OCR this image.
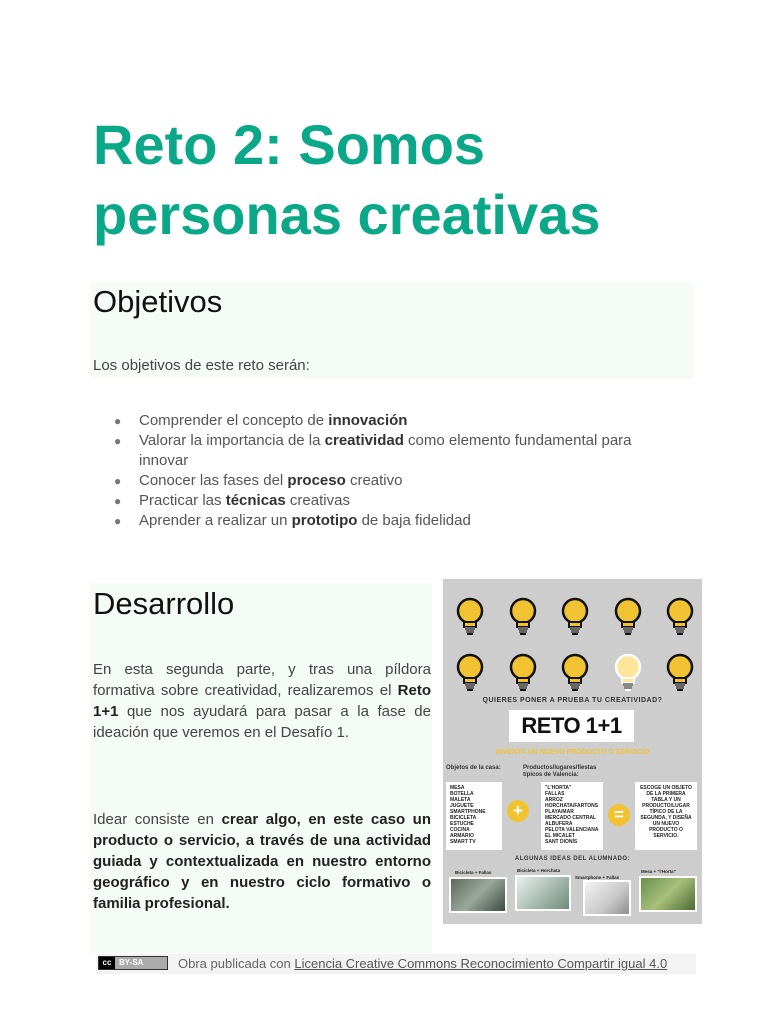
Reto 2: Somos personas creativas
Objetivos

Los objetivos de este reto serán:

● Comprender el concepto de innovación
● Valorar la importancia de la creatividad como elemento fundamental para innovar
● Conocer las fases del proceso creativo
● Practicar las técnicas creativas
● Aprender a realizar un prototipo de baja fidelidad
Desarrollo

En esta segunda parte, y tras una píldora formativa sobre creatividad, realizaremos el Reto 1+1 que nos ayudará para pasar a la fase de ideación que veremos en el Desafío 1.

Idear consiste en crear algo, en este caso un producto o servicio, a través de una actividad guiada y contextualizada en nuestro entorno geográfico y en nuestro ciclo formativo o familia profesional.

QUIERES PONER A PRUEBA TU CREATIVIDAD?
RETO 1+1
INVENTA UN NUEVO PRODUCTO O SERVICIO
Objetos de la casa:	Productos/lugares/fiestas típicos de Valencia:
MESA
BOTELLA
MALETA
JUGUETE
SMARTPHONE
BICICLETA
ESTUCHE
COCINA
ARMARIO
SMART TV
+
"L'HORTA"
FALLAS
ARROZ
HORCHATA/FARTONS
PLAYA/MAR
MERCADO CENTRAL
ALBUFERA
PELOTA VALENCIANA
EL MICALET
SANT DIONÍS
=
ESCOGE UN OBJETO DE LA PRIMERA TABLA Y UN PRODUCTO/LUGAR TÍPICO DE LA SEGUNDA, Y DISEÑA UN NUEVO PRODUCTO O SERVICIO.
ALGUNAS IDEAS DEL ALUMNADO:
Bicicleta + Fallas	Bicicleta + Horchata
Smartphone + Fallas
Mesa + "l'Horta"
cc BY-SA	Obra publicada con Licencia Creative Commons Reconocimiento Compartir igual 4.0
